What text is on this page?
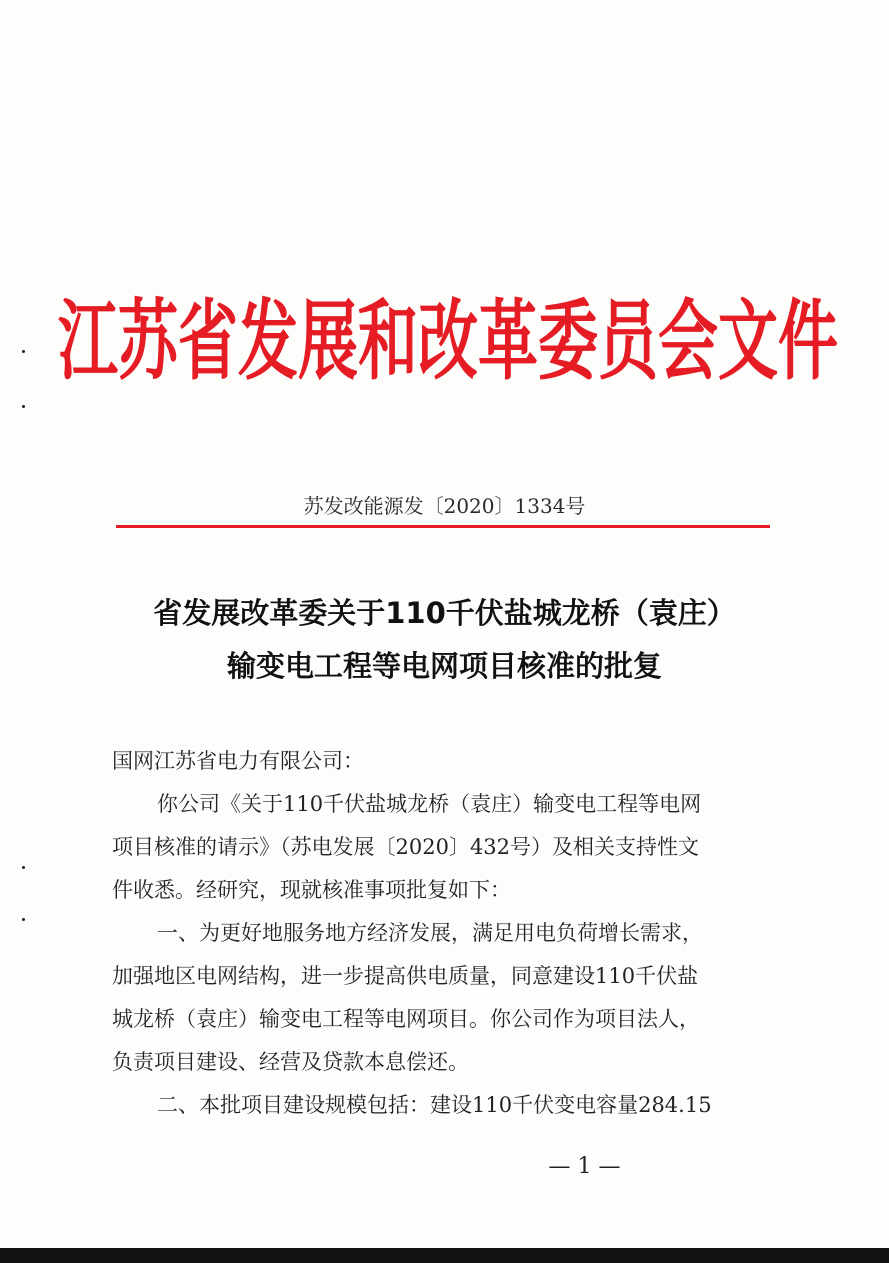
江苏省发展和改革委员会文件
苏发改能源发〔2020〕1334号
省发展改革委关于110千伏盐城龙桥（袁庄）
输变电工程等电网项目核准的批复
国网江苏省电力有限公司：
你公司《关于110千伏盐城龙桥（袁庄）输变电工程等电网
项目核准的请示》（苏电发展〔2020〕432号）及相关支持性文
件收悉。经研究，现就核准事项批复如下：
一、为更好地服务地方经济发展，满足用电负荷增长需求，
加强地区电网结构，进一步提高供电质量，同意建设110千伏盐
城龙桥（袁庄）输变电工程等电网项目。你公司作为项目法人，
负责项目建设、经营及贷款本息偿还。
二、本批项目建设规模包括：建设110千伏变电容量284.15
— 1 —
